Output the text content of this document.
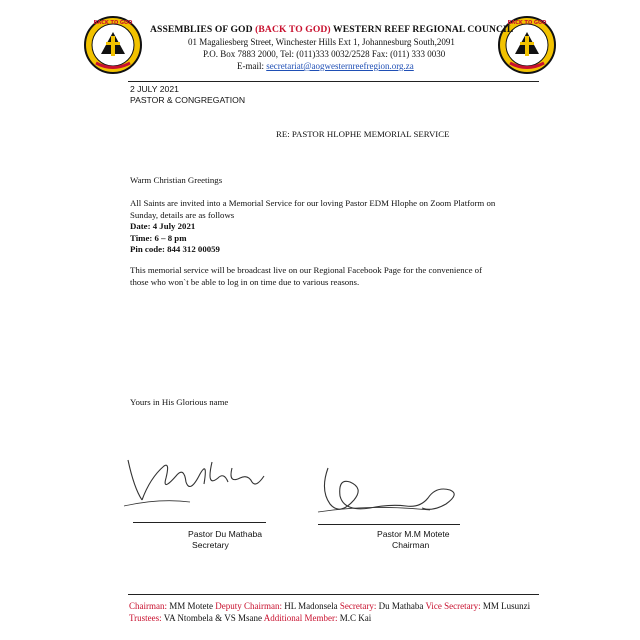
BACK TO GOD	BACK TO GOD
ASSEMBLIES OF GOD (BACK TO GOD) WESTERN REEF REGIONAL COUNCIL
01 Magaliesberg Street, Winchester Hills Ext 1, Johannesburg South,2091
P.O. Box 7883 2000, Tel: (011)333 0032/2528 Fax: (011) 333 0030
E-mail: secretariat@aogwesternreefregion.org.za
2 JULY 2021
PASTOR & CONGREGATION
RE: PASTOR HLOPHE MEMORIAL SERVICE
Warm Christian Greetings
All Saints are invited into a Memorial Service for our loving Pastor EDM Hlophe on Zoom Platform on
Sunday, details are as follows
Date: 4 July 2021
Time: 6 – 8 pm
Pin code: 844 312 00059
This memorial service will be broadcast live on our Regional Facebook Page for the convenience of
those who won`t be able to log in on time due to various reasons.
Yours in His Glorious name
Pastor Du Mathaba
Secretary
Pastor M.M Motete
Chairman
Chairman: MM Motete Deputy Chairman: HL Madonsela Secretary: Du Mathaba Vice Secretary: MM Lusunzi Trustees: VA Ntombela & VS Msane Additional Member: M.C Kai
